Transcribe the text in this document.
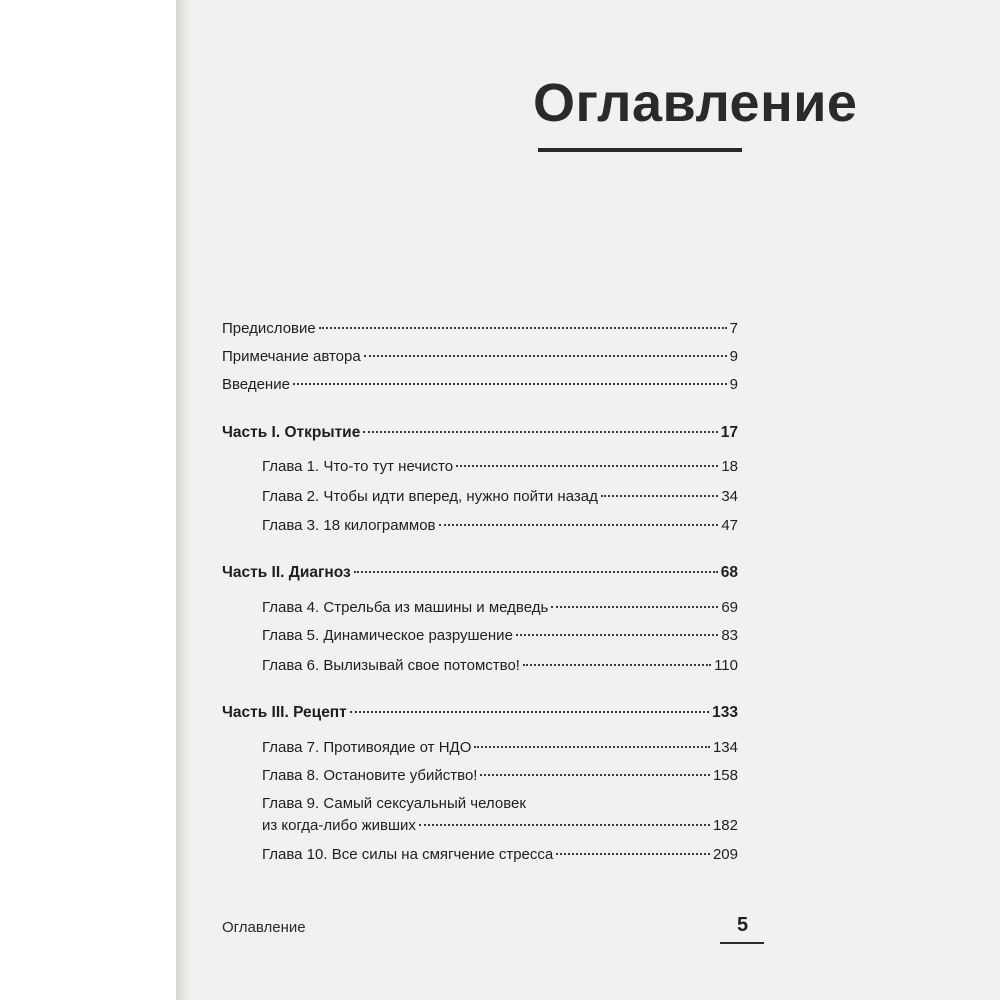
Оглавление
Предисловие	7
Примечание автора	9
Введение	9
Часть I. Открытие	17
Глава 1. Что-то тут нечисто	18
Глава 2. Чтобы идти вперед, нужно пойти назад	34
Глава 3. 18 килограммов	47
Часть II. Диагноз	68
Глава 4. Стрельба из машины и медведь	69
Глава 5. Динамическое разрушение	83
Глава 6. Вылизывай свое потомство!	110
Часть III. Рецепт	133
Глава 7. Противоядие от НДО	134
Глава 8. Остановите убийство!	158
Глава 9. Самый сексуальный человек
из когда-либо живших	182
Глава 10. Все силы на смягчение стресса	209
Оглавление	5
